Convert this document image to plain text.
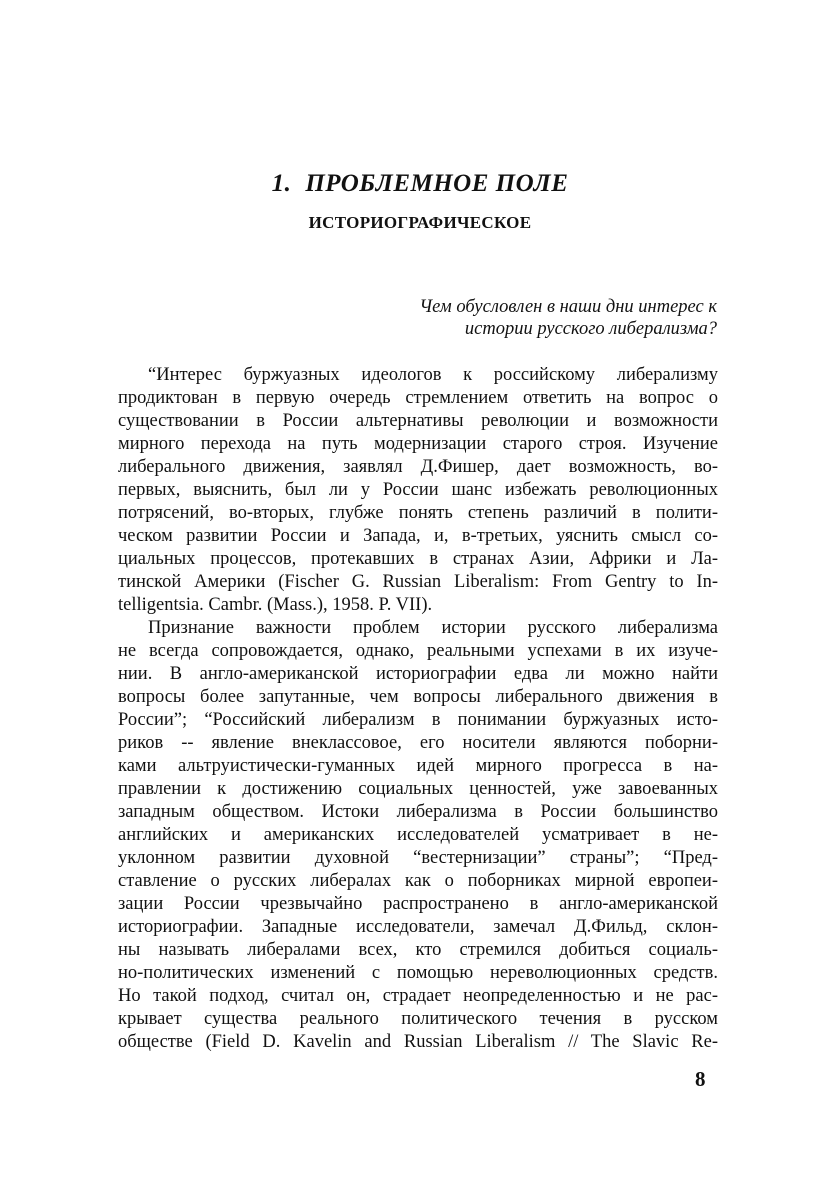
1. ПРОБЛЕМНОЕ ПОЛЕ
ИСТОРИОГРАФИЧЕСКОЕ
Чем обусловлен в наши дни интерес к
истории русского либерализма?
“Интерес буржуазных идеологов к российскому либерализму
продиктован в первую очередь стремлением ответить на вопрос о
существовании в России альтернативы революции и возможности
мирного перехода на путь модернизации старого строя. Изучение
либерального движения, заявлял Д.Фишер, дает возможность, во-
первых, выяснить, был ли у России шанс избежать революционных
потрясений, во-вторых, глубже понять степень различий в полити-
ческом развитии России и Запада, и, в-третьих, уяснить смысл со-
циальных процессов, протекавших в странах Азии, Африки и Ла-
тинской Америки (Fischer G. Russian Liberalism: From Gentry to In-
telligentsia. Cambr. (Mass.), 1958. P. VII).
Признание важности проблем истории русского либерализма
не всегда сопровождается, однако, реальными успехами в их изуче-
нии. В англо-американской историографии едва ли можно найти
вопросы более запутанные, чем вопросы либерального движения в
России”; “Российский либерализм в понимании буржуазных исто-
риков -- явление внеклассовое, его носители являются поборни-
ками альтруистически-гуманных идей мирного прогресса в на-
правлении к достижению социальных ценностей, уже завоеванных
западным обществом. Истоки либерализма в России большинство
английских и американских исследователей усматривает в не-
уклонном развитии духовной “вестернизации” страны”; “Пред-
ставление о русских либералах как о поборниках мирной европеи-
зации России чрезвычайно распространено в англо-американской
историографии. Западные исследователи, замечал Д.Фильд, склон-
ны называть либералами всех, кто стремился добиться социаль-
но-политических изменений с помощью нереволюционных средств.
Но такой подход, считал он, страдает неопределенностью и не рас-
крывает существа реального политического течения в русском
обществе (Field D. Kavelin and Russian Liberalism // The Slavic Re-
8
